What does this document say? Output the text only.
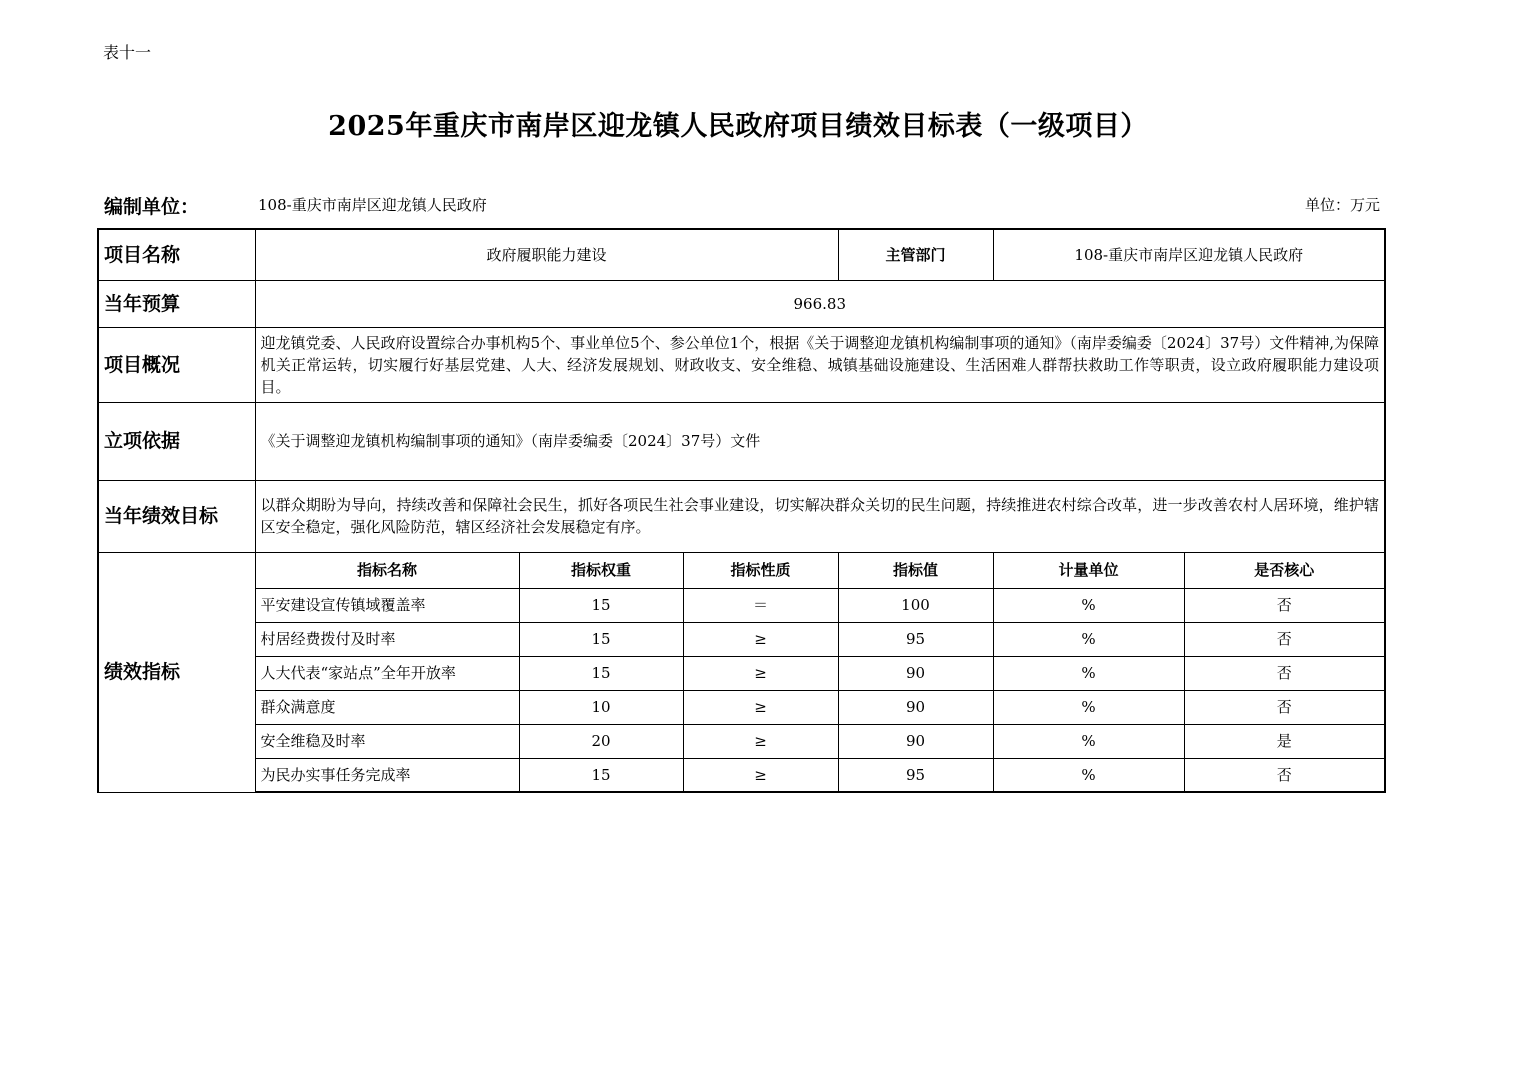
表十一
2025年重庆市南岸区迎龙镇人民政府项目绩效目标表（一级项目）
编制单位：	108-重庆市南岸区迎龙镇人民政府	单位：万元
项目名称	政府履职能力建设			主管部门	108-重庆市南岸区迎龙镇人民政府	
当年预算	966.83					
项目概况	迎龙镇党委、人民政府设置综合办事机构5个、事业单位5个、参公单位1个，根据《关于调整迎龙镇机构编制事项的通知》（南岸委编委〔2024〕37号）文件精神,为保障机关正常运转，切实履行好基层党建、人大、经济发展规划、财政收支、安全维稳、城镇基础设施建设、生活困难人群帮扶救助工作等职责，设立政府履职能力建设项目。					
立项依据	《关于调整迎龙镇机构编制事项的通知》（南岸委编委〔2024〕37号）文件					
当年绩效目标	以群众期盼为导向，持续改善和保障社会民生，抓好各项民生社会事业建设，切实解决群众关切的民生问题，持续推进农村综合改革，进一步改善农村人居环境，维护辖区安全稳定，强化风险防范，辖区经济社会发展稳定有序。					
绩效指标	指标名称	指标权重	指标性质	指标值	计量单位	是否核心
	平安建设宣传镇域覆盖率	15	＝	100	%	否
	村居经费拨付及时率	15	≥	95	%	否
	人大代表“家站点”全年开放率	15	≥	90	%	否
	群众满意度	10	≥	90	%	否
	安全维稳及时率	20	≥	90	%	是
	为民办实事任务完成率	15	≥	95	%	否
